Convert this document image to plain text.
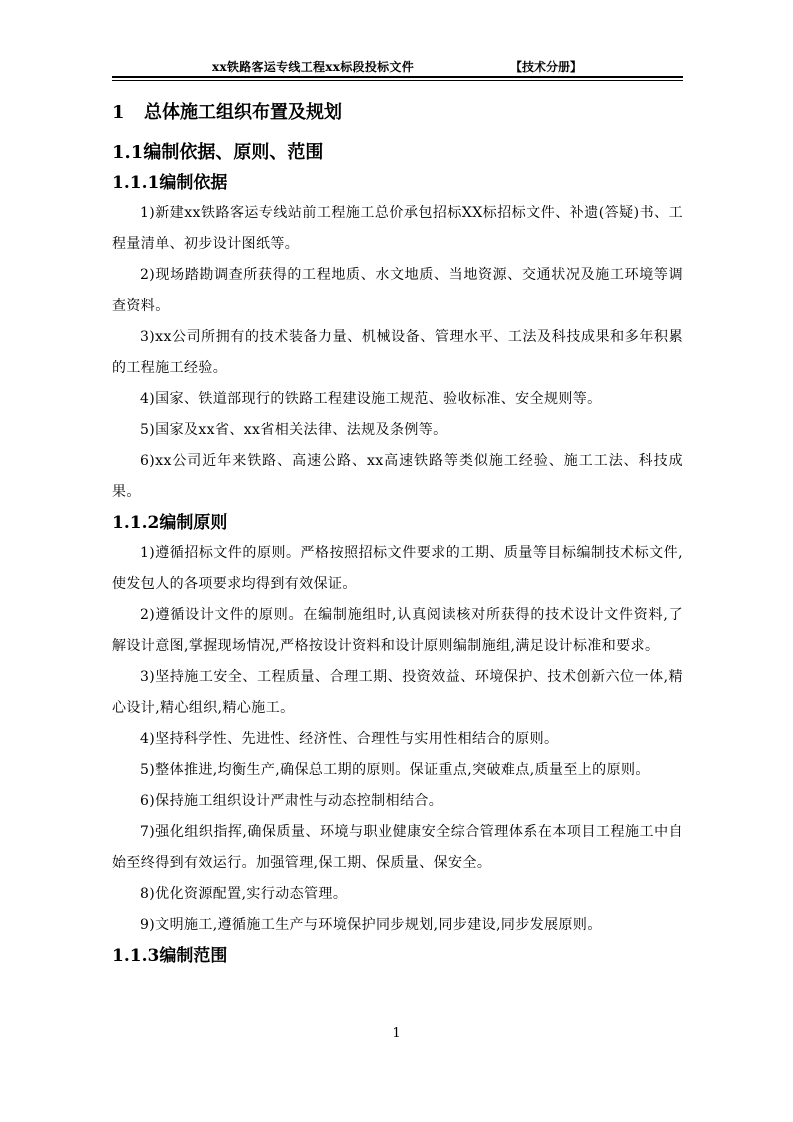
xx铁路客运专线工程xx标段投标文件	【技术分册】
1 总体施工组织布置及规划
1.1编制依据、原则、范围
1.1.1编制依据
1)新建xx铁路客运专线站前工程施工总价承包招标XX标招标文件、补遗(答疑)书、工程量清单、初步设计图纸等。
2)现场踏勘调查所获得的工程地质、水文地质、当地资源、交通状况及施工环境等调查资料。
3)xx公司所拥有的技术装备力量、机械设备、管理水平、工法及科技成果和多年积累的工程施工经验。
4)国家、铁道部现行的铁路工程建设施工规范、验收标准、安全规则等。
5)国家及xx省、xx省相关法律、法规及条例等。
6)xx公司近年来铁路、高速公路、xx高速铁路等类似施工经验、施工工法、科技成果。
1.1.2编制原则
1)遵循招标文件的原则。严格按照招标文件要求的工期、质量等目标编制技术标文件,使发包人的各项要求均得到有效保证。
2)遵循设计文件的原则。在编制施组时,认真阅读核对所获得的技术设计文件资料,了解设计意图,掌握现场情况,严格按设计资料和设计原则编制施组,满足设计标准和要求。
3)坚持施工安全、工程质量、合理工期、投资效益、环境保护、技术创新六位一体,精心设计,精心组织,精心施工。
4)坚持科学性、先进性、经济性、合理性与实用性相结合的原则。
5)整体推进,均衡生产,确保总工期的原则。保证重点,突破难点,质量至上的原则。
6)保持施工组织设计严肃性与动态控制相结合。
7)强化组织指挥,确保质量、环境与职业健康安全综合管理体系在本项目工程施工中自始至终得到有效运行。加强管理,保工期、保质量、保安全。
8)优化资源配置,实行动态管理。
9)文明施工,遵循施工生产与环境保护同步规划,同步建设,同步发展原则。
1.1.3编制范围
1
